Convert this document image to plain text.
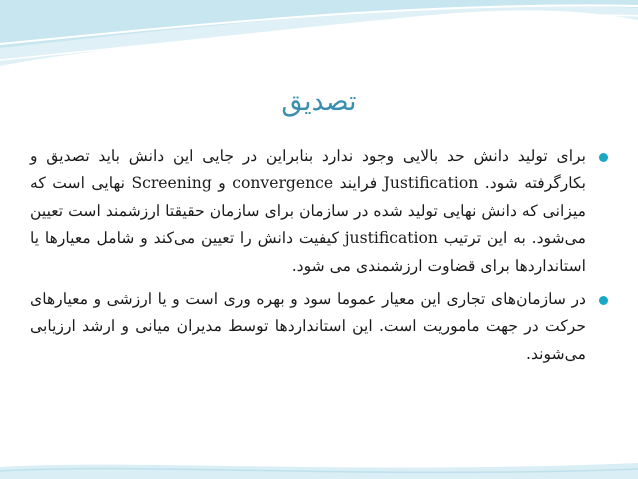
تصدیق
برای تولید دانش حد بالایی وجود ندارد بنابراین در جایی این دانش باید تصدیق و بکارگرفته شود. Justification فرایند convergence و Screening نهایی است که میزانی که دانش نهایی تولید شده در سازمان برای سازمان حقیقتا ارزشمند است تعیین می‌شود. به این ترتیب justification کیفیت دانش را تعیین می‌کند و شامل معیارها یا استانداردها برای قضاوت ارزشمندی می شود.
در سازمان‌های تجاری این معیار عموما سود و بهره وری است و یا ارزشی و معیارهای حرکت در جهت ماموریت است. این استانداردها توسط مدیران میانی و ارشد ارزیابی می‌شوند.
